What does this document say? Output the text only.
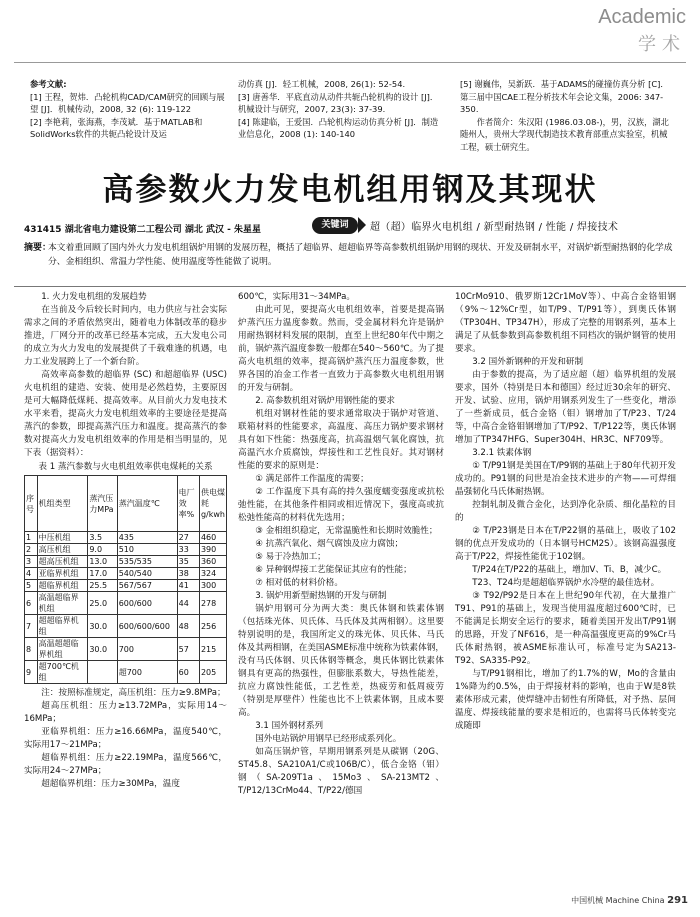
Academic
学术
参考文献:

[1] 王程，贺炜．凸轮机构CAD/CAM研究的回顾与展望 [J]．机械传动，2008, 32 (6): 119-122

[2] 李艳莉，张海燕，李茂斌．基于MATLAB和SolidWorks软件的共轭凸轮设计及运

动仿真 [J]．轻工机械，2008, 26(1): 52-54.

[3] 唐善华．平底直动从动件共轭凸轮机构的设计 [J]．机械设计与研究，2007, 23(3): 37-39.

[4] 陈建临，王爱国．凸轮机构运动仿真分析 [J]．制造业信息化，2008 (1): 140-140

[5] 谢巍伟，吴新跃．基于ADAMS的碰撞仿真分析 [C]．第三届中国CAE工程分析技术年会论文集，2006: 347-350.

作者简介：朱汉阳 (1986.03.08-)，男，汉族，湖北随州人，贵州大学现代制造技术教育部重点实验室，机械工程，硕士研究生。

高参数火力发电机组用钢及其现状
431415 湖北省电力建设第二工程公司 湖北 武汉 - 朱星星	关键词	超（超）临界火电机组 / 新型耐热钢 / 性能 / 焊接技术
摘要：
本文着重回顾了国内外火力发电机组锅炉用钢的发展历程，概括了超临界、超超临界等高参数机组锅炉用钢的现状、开发及研制水平，对锅炉新型耐热钢的化学成分、金相组织、常温力学性能、使用温度等性能做了说明。

1. 火力发电机组的发展趋势

在当前及今后较长时间内，电力供应与社会实际需求之间的矛盾依然突出，随着电力体制改革的稳步推进，厂网分开的改革已经基本完成，五大发电公司的成立为火力发电的发展提供了千载难逢的机遇，电力工业发展跨上了一个新台阶。

高效率高参数的超临界 (SC) 和超超临界 (USC) 火电机组的建造、安装、使用是必然趋势，主要原因是可大幅降低煤耗、提高效率。从目前火力发电技术水平来看，提高火力发电机组效率的主要途径是提高蒸汽的参数，即提高蒸汽压力和温度。提高蒸汽的参数对提高火力发电机组效率的作用是相当明显的，见下表（据资料）：

表 1 蒸汽参数与火电机组效率供电煤耗的关系

序号	机组类型	蒸汽压力MPa	蒸汽温度℃	电厂效率%	供电煤耗g/kwh
1	中压机组	3.5	435	27	460
2	高压机组	9.0	510	33	390
3	超高压机组	13.0	535/535	35	360
4	亚临界机组	17.0	540/540	38	324
5	超临界机组	25.5	567/567	41	300
6	高温超临界机组	25.0	600/600	44	278
7	超超临界机组	30.0	600/600/600	48	256
8	高温超超临界机组	30.0	700	57	215
9	超700℃机组		超700	60	205

注：按照标准规定，高压机组：压力≥9.8MPa；

超高压机组：压力≥13.72MPa，实际用14～16MPa；

亚临界机组：压力≥16.66MPa，温度540℃，实际用17～21MPa；

超临界机组：压力≥22.19MPa，温度566℃，实际用24～27MPa；

超超临界机组：压力≥30MPa，温度

600℃，实际用31～34MPa。

由此可见，要提高火电机组效率，首要是提高锅炉蒸汽压力温度参数。然而，受金属材料允许是锅炉用耐热钢材料发展的限制，直至上世纪80年代中期之前，锅炉蒸汽温度参数一般都在540～560℃。为了提高火电机组的效率，提高锅炉蒸汽压力温度参数，世界各国的冶金工作者一直致力于高参数火电机组用钢的开发与研制。

2. 高参数机组对锅炉用钢性能的要求

机组对钢材性能的要求通常取决于锅炉对管道、联箱材料的性能要求，高温度、高压力锅炉要求钢材具有如下性能：热强度高，抗高温烟气氧化腐蚀，抗高温汽水介质腐蚀，焊接性和工艺性良好。其对钢材性能的要求的原则是：

① 满足部件工作温度的需要；

② 工作温度下具有高的持久强度蠕变强度或抗松弛性能，在其他条件相同或相近情况下，强度高或抗松弛性能高的材料优先选用；

③ 金相组织稳定，无常温脆性和长期时效脆性；

④ 抗蒸汽氧化、烟气腐蚀及应力腐蚀；

⑤ 易于冷热加工；

⑥ 异种钢焊接工艺能保证其应有的性能；

⑦ 相对低的材料价格。

3. 锅炉用新型耐热钢的开发与研制

锅炉用钢可分为两大类：奥氏体钢和铁素体钢（包括珠光体、贝氏体、马氏体及其两相钢）。这里要特别说明的是，我国所定义的珠光体、贝氏体、马氏体及其两相钢，在美国ASME标准中统称为铁素体钢，没有马氏体钢、贝氏体钢等概念，奥氏体钢比铁素体钢具有更高的热强性，但膨胀系数大，导热性能差，抗应力腐蚀性能低，工艺性差，热疲劳和低周疲劳（特别是厚壁件）性能也比不上铁素体钢，且成本要高。

3.1 国外钢材系列

国外电站锅炉用钢早已经形成系列化。

如高压锅炉管，早期用钢系列是从碳钢（20G、ST45.8、SA210A1/C或106B/C），低合金铬（钼）钢（SA-209T1a、15Mo3、SA-213MT2、T/P12/13CrMo44、T/P22/德国

10CrMo910、俄罗斯12Cr1MoV等）、中高合金铬钼钢（9%～12%Cr型，如T/P9、T/P91等），到奥氏体钢（TP304H、TP347H），形成了完整的用钢系列，基本上满足了从低参数到高参数机组不同档次的锅炉钢管的使用要求。

3.2 国外新钢种的开发和研制

由于参数的提高，为了适应超（超）临界机组的发展要求，国外（特别是日本和德国）经过近30余年的研究、开发、试验、应用，锅炉用钢系列发生了一些变化，增添了一些新成员，低合金铬（钼）钢增加了T/P23、T/24等，中高合金铬钼钢增加了T/P92、T/P122等，奥氏体钢增加了TP347HFG、Super304H、HR3C、NF709等。

3.2.1 铁素体钢

① T/P91钢是美国在T/P9钢的基础上于80年代初开发成功的。P91钢的问世是冶金技术进步的产物——可焊细晶强韧化马氏体耐热钢。

控制轧制及微合金化，达到净化杂质、细化晶粒的目的

② T/P23钢是日本在T/P22钢的基础上，吸收了102钢的优点开发成功的（日本钢号HCM2S）。该钢高温强度高于T/P22，焊接性能优于102钢。

T/P24在T/P22的基础上，增加V、Ti、B，减少C。

T23、T24均是超超临界锅炉水冷壁的最佳选材。

③ T92/P92是日本在上世纪90年代初，在大量推广T91、P91的基础上，发现当使用温度超过600℃时，已不能满足长期安全运行的要求，随着美国开发出T/P91钢的思路，开发了NF616，是一种高温强度更高的9%Cr马氏体耐热钢，被ASME标准认可，标准号定为SA213-T92、SA335-P92。

与T/P91钢相比，增加了约1.7%的W，Mo的含量由1%降为约0.5%，由于焊接材料的影响，也由于W是8铁素体形成元素，使焊缝冲击韧性有所降低，对予热、层间温度、焊接线能量的要求是相近的，也需将马氏体转变完成随即

中国机械 Machine China 291
